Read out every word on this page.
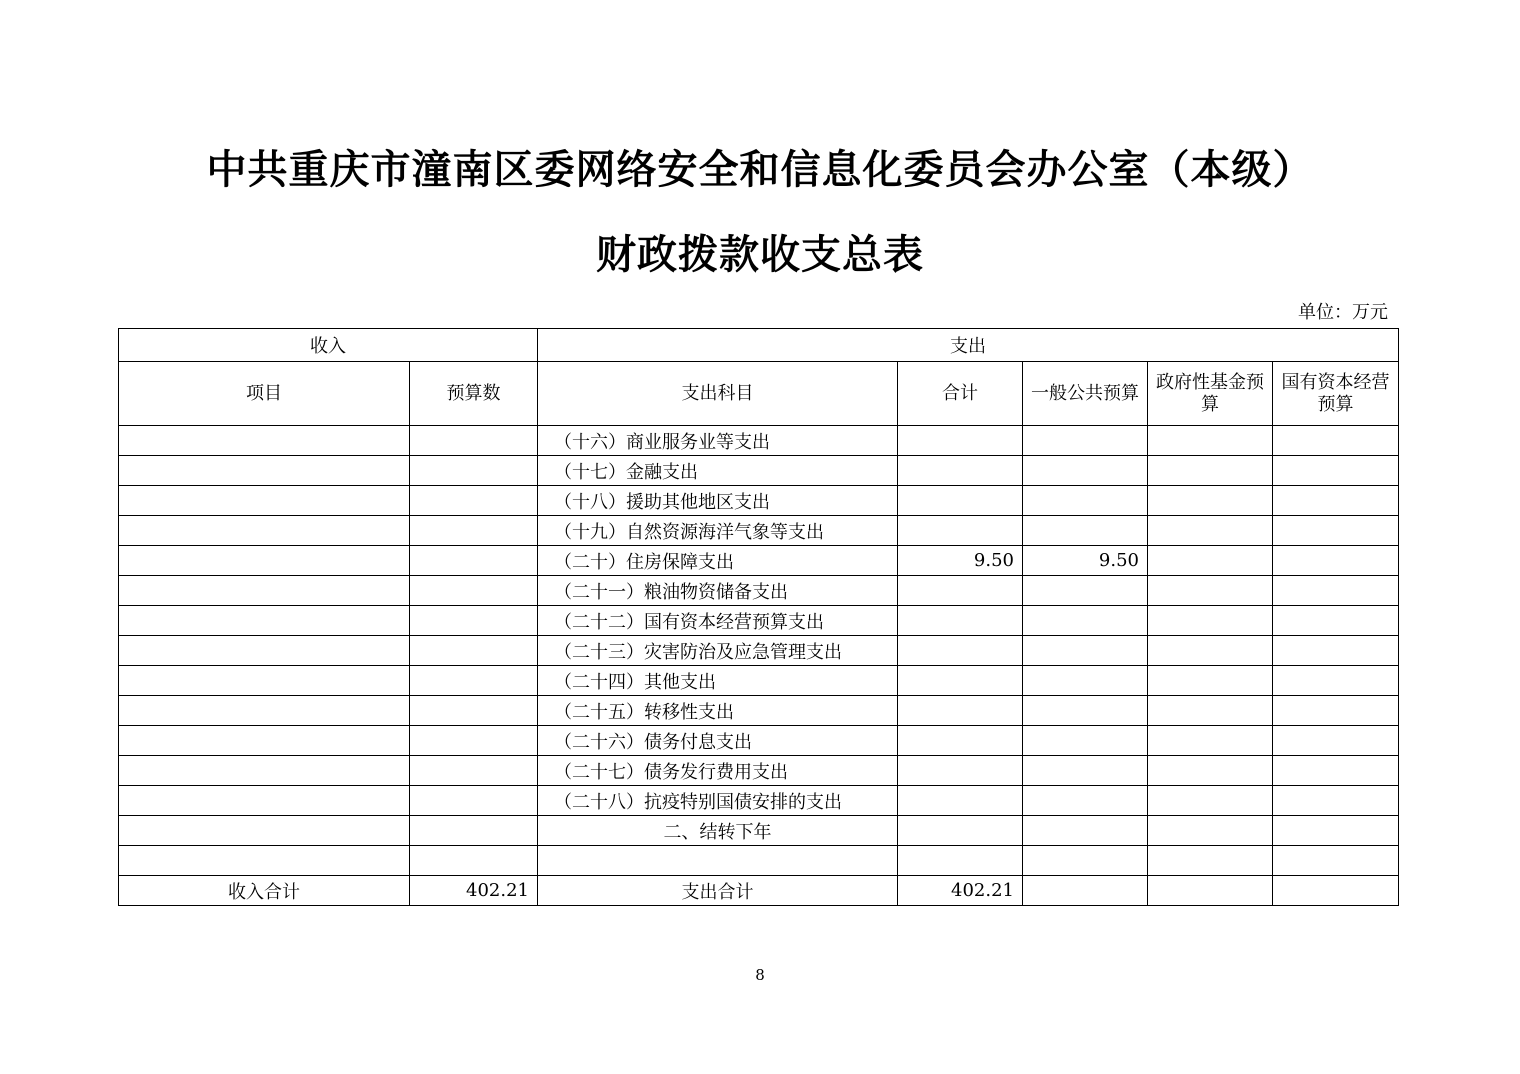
中共重庆市潼南区委网络安全和信息化委员会办公室（本级）
财政拨款收支总表
单位：万元
收入		支出				
项目	预算数	支出科目	合计	一般公共预算	政府性基金预算	国有资本经营预算
		（十六）商业服务业等支出				
		（十七）金融支出				
		（十八）援助其他地区支出				
		（十九）自然资源海洋气象等支出				
		（二十）住房保障支出	9.50	9.50		
		（二十一）粮油物资储备支出				
		（二十二）国有资本经营预算支出				
		（二十三）灾害防治及应急管理支出				
		（二十四）其他支出				
		（二十五）转移性支出				
		（二十六）债务付息支出				
		（二十七）债务发行费用支出				
		（二十八）抗疫特别国债安排的支出				
		二、结转下年				

收入合计	402.21	支出合计	402.21			
8
